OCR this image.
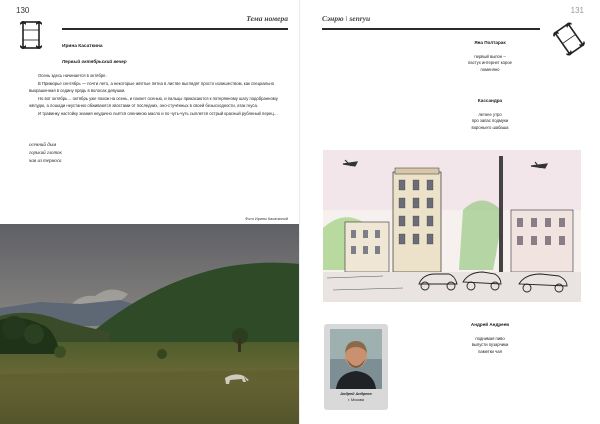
130
Тема номера
Ирина Касаткина
Первый октябрьский вечер

Осень здесь начинается в октябре.

В Приморье сентябрь — почти лето, а некоторые жёлтые пятна в листве выглядят просто излишеством, как специально выкрашенная в седину прядь в волосах девушки.

Но вот октябрь… октябрь уже похож на осень, и пахнет осенью, и пальцы прикасаются к потерянному шагу подобранному жёлудю, а лошади неустанно обживаются хвостами от последних, оно-стучённых в своей безысходности, атак гнуса.

И травинку настойку знания неудачно льётся олениною масло и по чуть-чуть сыплется острый красный рубленый перец…

осенний дым
горький глоток
чая из термоса
Фото Ирины Касаткиной
131
Сэнрю \ senryu
Яна Полтарак
первый выпон –
пастух интернет корое
поменяно
Кассандра
летнее утро
про запас подмуки
вороньего шабаша
Андрей Андреев
поднимая пиво
выпусти пузарчики
паметки чая
Андрей Андреев
г. Москва
